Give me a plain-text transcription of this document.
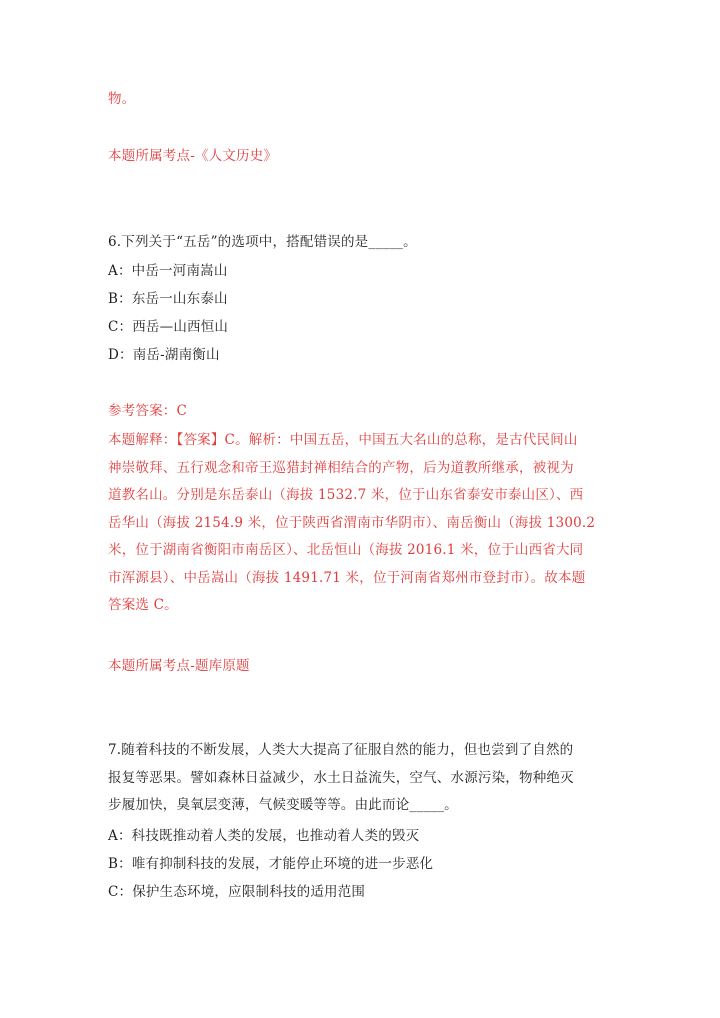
物。
本题所属考点-《人文历史》
6.下列关于“五岳”的选项中，搭配错误的是_____。
A：中岳一河南嵩山
B：东岳一山东泰山
C：西岳—山西恒山
D：南岳-湖南衡山
参考答案：C
本题解释：【答案】C。解析：中国五岳，中国五大名山的总称，是古代民间山
神崇敬拜、五行观念和帝王巡猎封禅相结合的产物，后为道教所继承，被视为
道教名山。分别是东岳泰山（海拔 1532.7 米，位于山东省泰安市泰山区）、西
岳华山（海拔 2154.9 米，位于陕西省渭南市华阴市）、南岳衡山（海拔 1300.2
米，位于湖南省衡阳市南岳区）、北岳恒山（海拔 2016.1 米，位于山西省大同
市浑源县）、中岳嵩山（海拔 1491.71 米，位于河南省郑州市登封市）。故本题
答案选 C。
本题所属考点-题库原题
7.随着科技的不断发展，人类大大提高了征服自然的能力，但也尝到了自然的
报复等恶果。譬如森林日益减少，水土日益流失，空气、水源污染，物种绝灭
步履加快，臭氧层变薄，气候变暖等等。由此而论_____。
A：科技既推动着人类的发展，也推动着人类的毁灭
B：唯有抑制科技的发展，才能停止环境的进一步恶化
C：保护生态环境，应限制科技的适用范围
